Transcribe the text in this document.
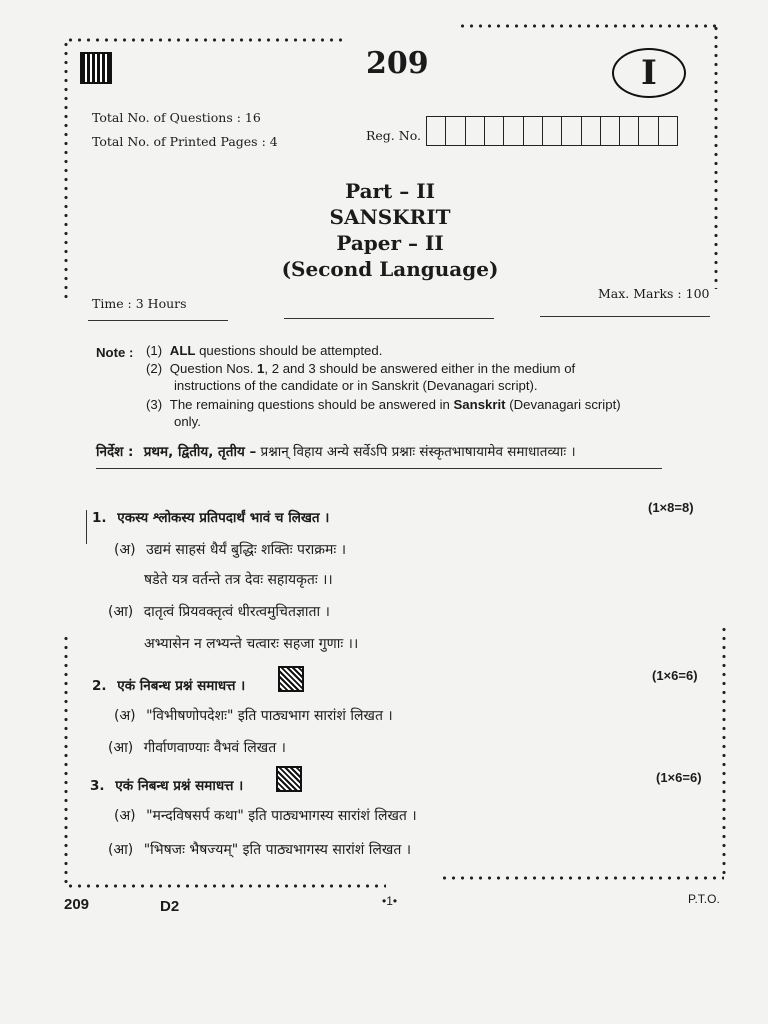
209	I
Total No. of Questions : 16
Total No. of Printed Pages : 4	Reg. No.
Part – II
SANSKRIT
Paper – II
(Second Language)
Time : 3 Hours
Max. Marks : 100
Note : (1) ALL questions should be attempted.
(2) Question Nos. 1, 2 and 3 should be answered either in the medium of
instructions of the candidate or in Sanskrit (Devanagari script).
(3) The remaining questions should be answered in Sanskrit (Devanagari script)
only.
निर्देश : प्रथम, द्वितीय, तृतीय – प्रश्नान् विहाय अन्ये सर्वेऽपि प्रश्नाः संस्कृतभाषायामेव समाधातव्याः ।
1. एकस्य श्लोकस्य प्रतिपदार्थं भावं च लिखत ।
(1×8=8)
(अ) उद्यमं साहसं धैर्यं बुद्धिः शक्तिः पराक्रमः ।
षडेते यत्र वर्तन्ते तत्र देवः सहायकृतः ।।
(आ) दातृत्वं प्रियवक्तृत्वं धीरत्वमुचितज्ञाता ।
अभ्यासेन न लभ्यन्ते चत्वारः सहजा गुणाः ।।
2. एकं निबन्ध प्रश्नं समाधत्त ।
(1×6=6)
(अ) "विभीषणोपदेशः" इति पाठ्यभाग सारांशं लिखत ।
(आ) गीर्वाणवाण्याः वैभवं लिखत ।
3. एकं निबन्ध प्रश्नं समाधत्त ।
(1×6=6)
(अ) "मन्दविषसर्प कथा" इति पाठ्यभागस्य सारांशं लिखत ।
(आ) "भिषजः भैषज्यम्" इति पाठ्यभागस्य सारांशं लिखत ।
209	D2	•1•	P.T.O.
